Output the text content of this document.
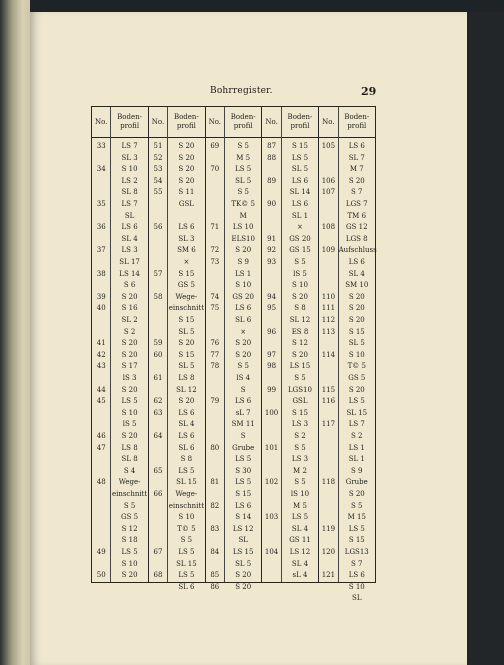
Bohrregister.	29
No.
33
34
35
36
37
38
39
40
41
42
43
44
45
46
47
48
49
50
Boden-
profil
LS 7
SL 3
S 10
LS 2
SL 8
LS 7
SL
LS 6
SL 4
LS 3
SL 17
LS 14
S 6
S 20
S 16
SL 2
S 2
S 20
S 20
S 17
lS 3
S 20
LS 5
S 10
lS 5
S 20
LS 8
SL 8
S 4
Wege-
einschnitt
S 5
GS 5
S 12
S 18
LS 5
S 10
S 20
No.
51
52
53
54
55
56
57
58
59
60
61
62
63
64
65
66
67
68
Boden-
profil
S 20
S 20
S 20
S 20
S 11
GSL
LS 6
SL 3
SM 6
×
S 15
GS 5
Wege-
einschnitt
S 15
SL 5
S 20
S 15
SL 5
LS 8
SL 12
S 20
LS 6
SL 4
LS 6
SL 6
S 8
LS 5
SL 15
Wege-
einschnitt
S 10
T© 5
S 5
LS 5
SL 15
LS 5
SL 6
No.
69
70
71
72
73
74
75
76
77
78
79
80
81
82
83
84
85
86
Boden-
profil
S 5
M 5
LS 5
SL 5
S 5
TK© 5
M
LS 10
ELS10
S 20
S 9
LS 1
S 10
GS 20
LS 6
SL 6
×
S 20
S 20
S 5
lS 4
S
LS 6
sL 7
SM 11
S
Grube
LS 5
S 30
LS 5
S 15
LS 6
S 14
LS 12
SL
LS 15
SL 5
S 20
S 20
No.
87
88
89
90
91
92
93
94
95
96
97
98
99
100
101
102
103
104
Boden-
profil
S 15
LS 5
SL 5
LS 6
SL 14
LS 6
SL 1
×
GS 20
GS 15
S 5
lS 5
S 10
S 20
S 8
SL 12
ES 8
S 12
S 20
LS 15
S 5
LGS10
GSL
S 15
LS 3
S 2
S 5
LS 3
M 2
S 5
lS 10
M 5
LS 5
SL 4
GS 11
LS 12
SL 4
sL 4
No.
105
106
107
108
109
110
111
112
113
114
115
116
117
118
119
120
121
Boden-
profil
LS 6
SL 7
M 7
S 20
S 7
LGS 7
TM 6
GS 12
LGS 8
Aufschluss
LS 6
SL 4
SM 10
S 20
S 20
S 20
S 15
SL 5
S 10
T© 5
GS 5
S 20
LS 5
SL 15
LS 7
S 2
LS 1
SL 1
S 9
Grube
S 20
S 5
M 15
LS 5
S 15
LGS13
S 7
LS 6
S 10
SL
